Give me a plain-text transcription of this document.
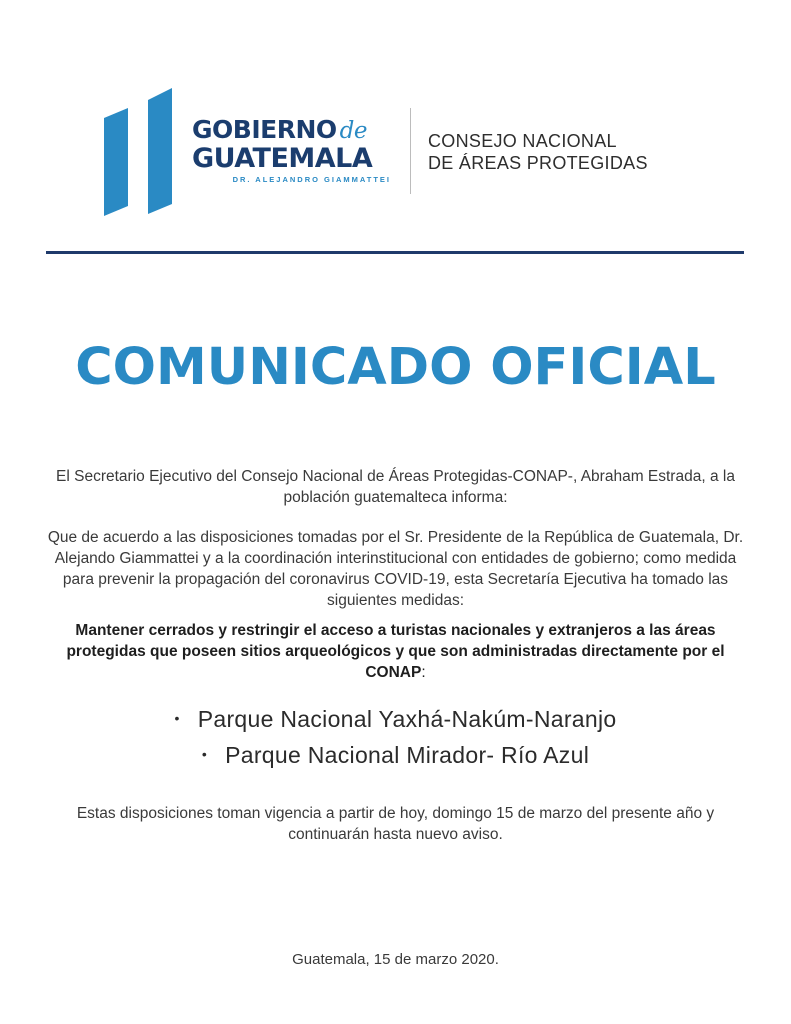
GOBIERNO de
GUATEMALA
DR. ALEJANDRO GIAMMATTEI
CONSEJO NACIONAL
DE ÁREAS PROTEGIDAS
COMUNICADO OFICIAL
El Secretario Ejecutivo del Consejo Nacional de Áreas Protegidas-CONAP-, Abraham Estrada, a la población guatemalteca informa:
Que de acuerdo a las disposiciones tomadas por el Sr. Presidente de la República de Guatemala, Dr. Alejando Giammattei y a la coordinación interinstitucional con entidades de gobierno; como medida para prevenir la propagación del coronavirus COVID-19, esta Secretaría Ejecutiva ha tomado las siguientes medidas:
Mantener cerrados y restringir el acceso a turistas nacionales y extranjeros a las áreas protegidas que poseen sitios arqueológicos y que son administradas directamente por el CONAP:
• Parque Nacional Yaxhá-Nakúm-Naranjo
• Parque Nacional Mirador- Río Azul
Estas disposiciones toman vigencia a partir de hoy, domingo 15 de marzo del presente año y continuarán hasta nuevo aviso.
Guatemala, 15 de marzo 2020.
